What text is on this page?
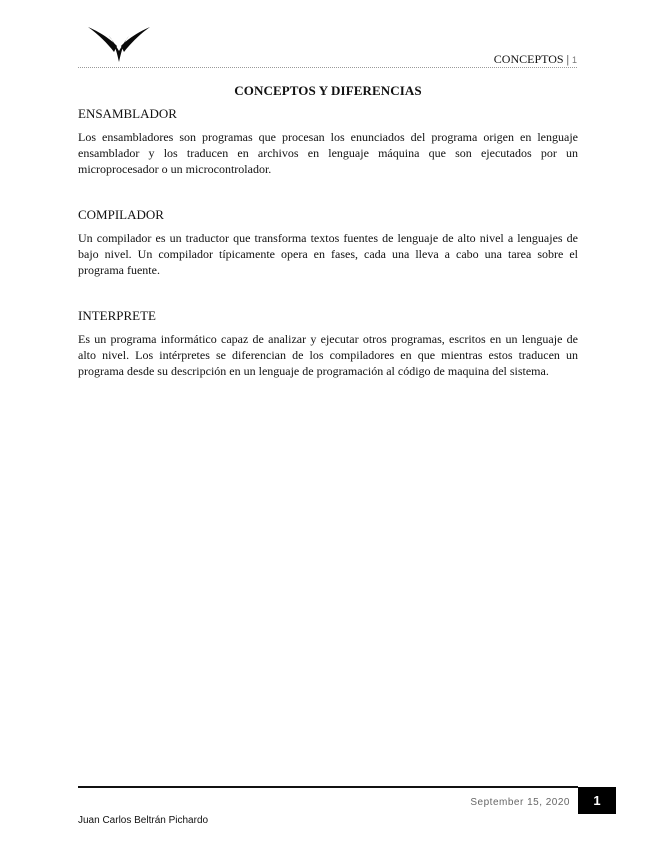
CONCEPTOS | 1

CONCEPTOS Y DIFERENCIAS

ENSAMBLADOR

Los ensambladores son programas que procesan los enunciados del programa origen en lenguaje ensamblador y los traducen en archivos en lenguaje máquina que son ejecutados por un microprocesador o un microcontrolador.

COMPILADOR

Un compilador es un traductor que transforma textos fuentes de lenguaje de alto nivel a lenguajes de bajo nivel. Un compilador típicamente opera en fases, cada una lleva a cabo una tarea sobre el programa fuente.

INTERPRETE

Es un programa informático capaz de analizar y ejecutar otros programas, escritos en un lenguaje de alto nivel. Los intérpretes se diferencian de los compiladores en que mientras estos traducen un programa desde su descripción en un lenguaje de programación al código de maquina del sistema.

September 15, 2020	1
Juan Carlos Beltrán Pichardo
